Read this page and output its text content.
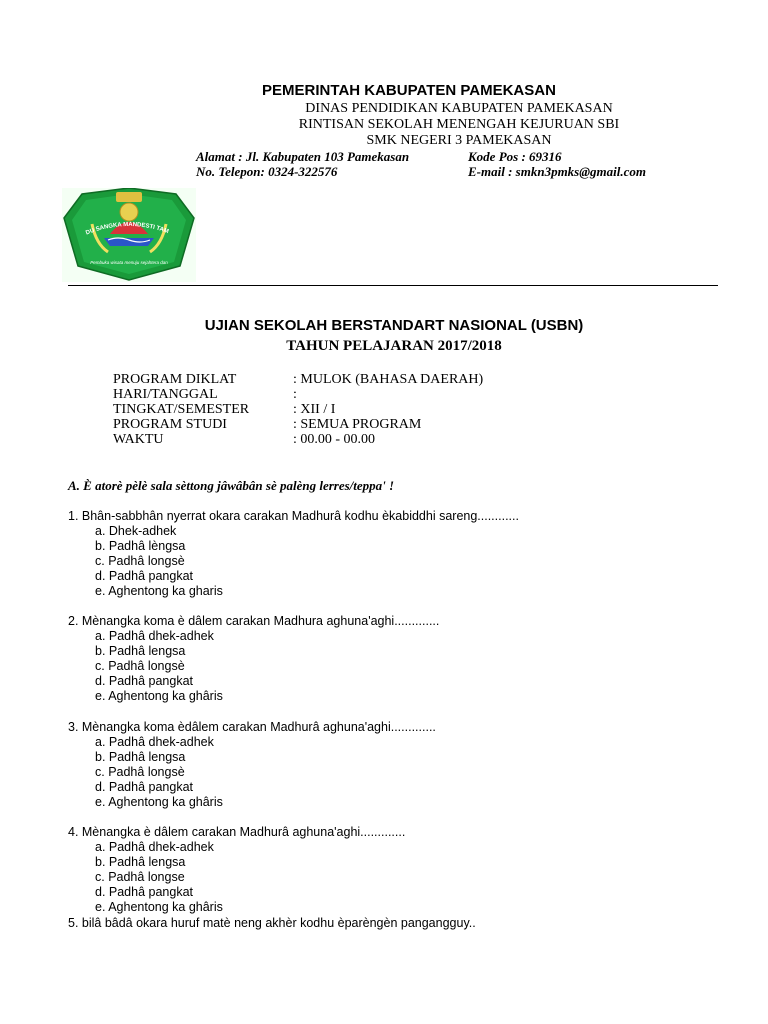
PEMERINTAH KABUPATEN PAMEKASAN
DINAS PENDIDIKAN KABUPATEN PAMEKASAN
RINTISAN SEKOLAH MENENGAH KEJURUAN SBI
SMK NEGERI 3 PAMEKASAN
Alamat : Jl. Kabupaten 103 Pamekasan	Kode Pos : 69316
No. Telepon: 0324-322576	E-mail : smkn3pmks@gmail.com
DU SANGKA MANDESTI TAM
Pembuka wisata menuju sejahtera dan
UJIAN SEKOLAH BERSTANDART NASIONAL (USBN)
TAHUN PELAJARAN 2017/2018
PROGRAM DIKLAT	: MULOK (BAHASA DAERAH)
HARI/TANGGAL	:
TINGKAT/SEMESTER	: XII / I
PROGRAM STUDI	: SEMUA PROGRAM
WAKTU	: 00.00 - 00.00
A. È atorè pèlè sala sèttong jâwâbân sè palèng lerres/teppa' !
1. Bhân-sabbhân nyerrat okara carakan Madhurâ kodhu èkabiddhi sareng............
a. Dhek-adhek
b. Padhâ lèngsa
c. Padhâ longsè
d. Padhâ pangkat
e. Aghentong ka gharis
2. Mènangka koma è dâlem carakan Madhura aghuna'aghi.............
a. Padhâ dhek-adhek
b. Padhâ lengsa
c. Padhâ longsè
d. Padhâ pangkat
e. Aghentong ka ghâris
3. Mènangka koma èdâlem carakan Madhurâ aghuna'aghi.............
a. Padhâ dhek-adhek
b. Padhâ lengsa
c. Padhâ longsè
d. Padhâ pangkat
e. Aghentong ka ghâris
4. Mènangka è dâlem carakan Madhurâ aghuna'aghi.............
a. Padhâ dhek-adhek
b. Padhâ lengsa
c. Padhâ longse
d. Padhâ pangkat
e. Aghentong ka ghâris
5. bilâ bâdâ okara huruf matè neng akhèr kodhu èparèngèn pangangguy..
